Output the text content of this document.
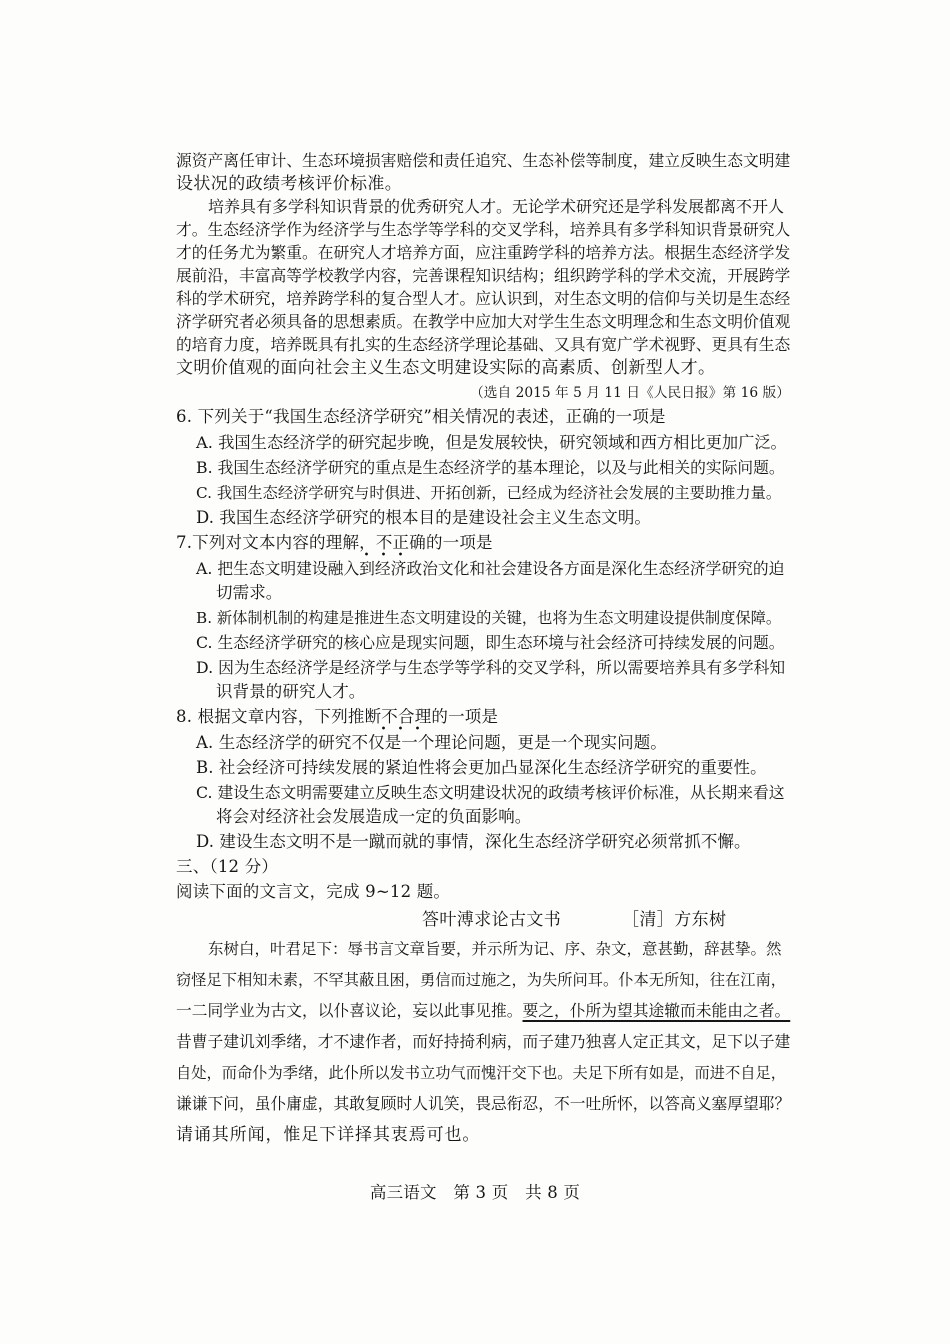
源资产离任审计、生态环境损害赔偿和责任追究、生态补偿等制度，建立反映生态文明建

设状况的政绩考核评价标准。

培养具有多学科知识背景的优秀研究人才。无论学术研究还是学科发展都离不开人

才。生态经济学作为经济学与生态学等学科的交叉学科，培养具有多学科知识背景研究人

才的任务尤为繁重。在研究人才培养方面，应注重跨学科的培养方法。根据生态经济学发

展前沿，丰富高等学校教学内容，完善课程知识结构；组织跨学科的学术交流，开展跨学

科的学术研究，培养跨学科的复合型人才。应认识到，对生态文明的信仰与关切是生态经

济学研究者必须具备的思想素质。在教学中应加大对学生生态文明理念和生态文明价值观

的培育力度，培养既具有扎实的生态经济学理论基础、又具有宽广学术视野、更具有生态

文明价值观的面向社会主义生态文明建设实际的高素质、创新型人才。

（选自 2015 年 5 月 11 日《人民日报》第 16 版）

6. 下列关于“我国生态经济学研究”相关情况的表述，正确的一项是

A. 我国生态经济学的研究起步晚，但是发展较快，研究领域和西方相比更加广泛。

B. 我国生态经济学研究的重点是生态经济学的基本理论，以及与此相关的实际问题。

C. 我国生态经济学研究与时俱进、开拓创新，已经成为经济社会发展的主要助推力量。

D. 我国生态经济学研究的根本目的是建设社会主义生态文明。

7.下列对文本内容的理解，不正确的一项是

A. 把生态文明建设融入到经济政治文化和社会建设各方面是深化生态经济学研究的迫

切需求。

B. 新体制机制的构建是推进生态文明建设的关键，也将为生态文明建设提供制度保障。

C. 生态经济学研究的核心应是现实问题，即生态环境与社会经济可持续发展的问题。

D. 因为生态经济学是经济学与生态学等学科的交叉学科，所以需要培养具有多学科知

识背景的研究人才。

8. 根据文章内容，下列推断不合理的一项是

A. 生态经济学的研究不仅是一个理论问题，更是一个现实问题。

B. 社会经济可持续发展的紧迫性将会更加凸显深化生态经济学研究的重要性。

C. 建设生态文明需要建立反映生态文明建设状况的政绩考核评价标准，从长期来看这

将会对经济社会发展造成一定的负面影响。

D. 建设生态文明不是一蹴而就的事情，深化生态经济学研究必须常抓不懈。

三、（12 分）

阅读下面的文言文，完成 9~12 题。

答叶溥求论古文书	［清］方东树

东树白，叶君足下：辱书言文章旨要，并示所为记、序、杂文，意甚勤，辞甚挚。然

窃怪足下相知未素，不罕其蔽且困，勇信而过施之，为失所问耳。仆本无所知，往在江南，

一二同学业为古文，以仆喜议论，妄以此事见推。要之，仆所为望其途辙而未能由之者。

昔曹子建讥刘季绪，才不逮作者，而好持掎利病，而子建乃独喜人定正其文，足下以子建

自处，而命仆为季绪，此仆所以发书立功气而愧汗交下也。夫足下所有如是，而进不自足，

谦谦下问，虽仆庸虚，其敢复顾时人讥笑，畏忌衔忍，不一吐所怀，以答高义塞厚望耶？

请诵其所闻，惟足下详择其衷焉可也。

高三语文　第 3 页　共 8 页
